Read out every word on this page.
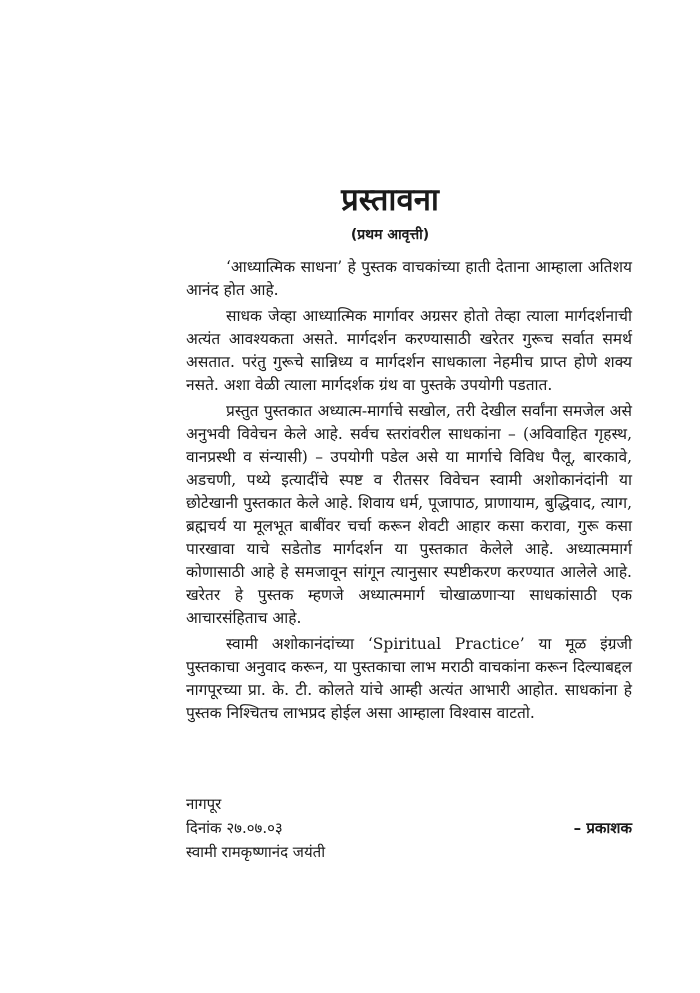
प्रस्तावना
(प्रथम आवृत्ती)

‘आध्यात्मिक साधना’ हे पुस्तक वाचकांच्या हाती देताना आम्हाला अतिशय आनंद होत आहे.

साधक जेव्हा आध्यात्मिक मार्गावर अग्रसर होतो तेव्हा त्याला मार्गदर्शनाची अत्यंत आवश्यकता असते. मार्गदर्शन करण्यासाठी खरेतर गुरूच सर्वात समर्थ असतात. परंतु गुरूचे सान्निध्य व मार्गदर्शन साधकाला नेहमीच प्राप्त होणे शक्य नसते. अशा वेळी त्याला मार्गदर्शक ग्रंथ वा पुस्तके उपयोगी पडतात.

प्रस्तुत पुस्तकात अध्यात्म-मार्गाचे सखोल, तरी देखील सर्वांना समजेल असे अनुभवी विवेचन केले आहे. सर्वच स्तरांवरील साधकांना – (अविवाहित गृहस्थ, वानप्रस्थी व संन्यासी) – उपयोगी पडेल असे या मार्गाचे विविध पैलू, बारकावे, अडचणी, पथ्ये इत्यादींचे स्पष्ट व रीतसर विवेचन स्वामी अशोकानंदांनी या छोटेखानी पुस्तकात केले आहे. शिवाय धर्म, पूजापाठ, प्राणायाम, बुद्धिवाद, त्याग, ब्रह्मचर्य या मूलभूत बाबींवर चर्चा करून शेवटी आहार कसा करावा, गुरू कसा पारखावा याचे सडेतोड मार्गदर्शन या पुस्तकात केलेले आहे. अध्यात्ममार्ग कोणासाठी आहे हे समजावून सांगून त्यानुसार स्पष्टीकरण करण्यात आलेले आहे. खरेतर हे पुस्तक म्हणजे अध्यात्ममार्ग चोखाळणाऱ्या साधकांसाठी एक आचारसंहिताच आहे.

स्वामी अशोकानंदांच्या ‘Spiritual Practice’ या मूळ इंग्रजी पुस्तकाचा अनुवाद करून, या पुस्तकाचा लाभ मराठी वाचकांना करून दिल्याबद्दल नागपूरच्या प्रा. के. टी. कोलते यांचे आम्ही अत्यंत आभारी आहोत. साधकांना हे पुस्तक निश्चितच लाभप्रद होईल असा आम्हाला विश्वास वाटतो.

नागपूर
दिनांक २७.०७.०३	– प्रकाशक
स्वामी रामकृष्णानंद जयंती
